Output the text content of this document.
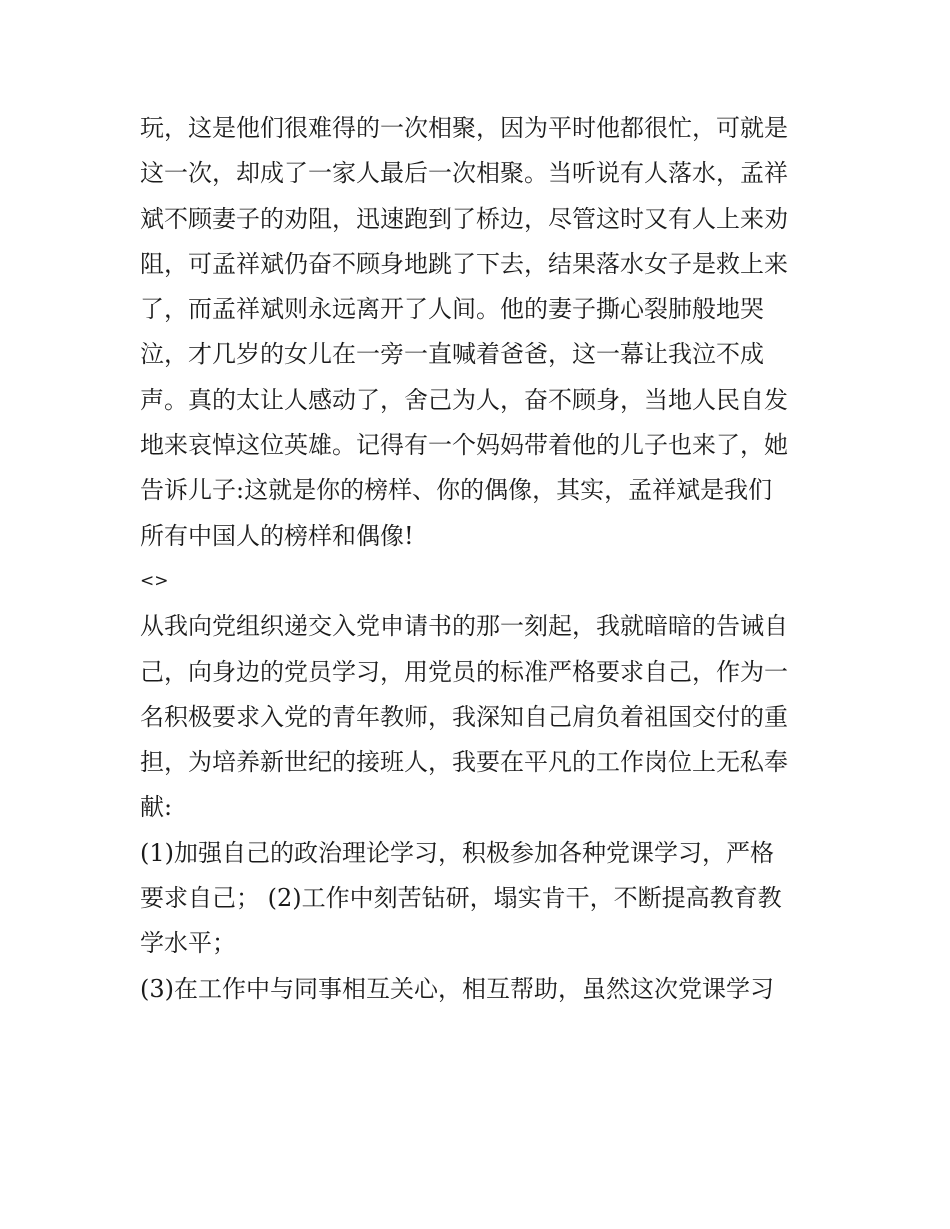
玩，这是他们很难得的一次相聚，因为平时他都很忙，可就是
这一次，却成了一家人最后一次相聚。当听说有人落水，孟祥
斌不顾妻子的劝阻，迅速跑到了桥边，尽管这时又有人上来劝
阻，可孟祥斌仍奋不顾身地跳了下去，结果落水女子是救上来
了，而孟祥斌则永远离开了人间。他的妻子撕心裂肺般地哭
泣，才几岁的女儿在一旁一直喊着爸爸，这一幕让我泣不成
声。真的太让人感动了，舍己为人，奋不顾身，当地人民自发
地来哀悼这位英雄。记得有一个妈妈带着他的儿子也来了，她
告诉儿子:这就是你的榜样、你的偶像，其实，孟祥斌是我们
所有中国人的榜样和偶像!
<>
从我向党组织递交入党申请书的那一刻起，我就暗暗的告诫自
己，向身边的党员学习，用党员的标准严格要求自己，作为一
名积极要求入党的青年教师，我深知自己肩负着祖国交付的重
担，为培养新世纪的接班人，我要在平凡的工作岗位上无私奉
献:
(1)加强自己的政治理论学习，积极参加各种党课学习，严格
要求自己； (2)工作中刻苦钻研，塌实肯干，不断提高教育教
学水平；
(3)在工作中与同事相互关心，相互帮助，虽然这次党课学习
